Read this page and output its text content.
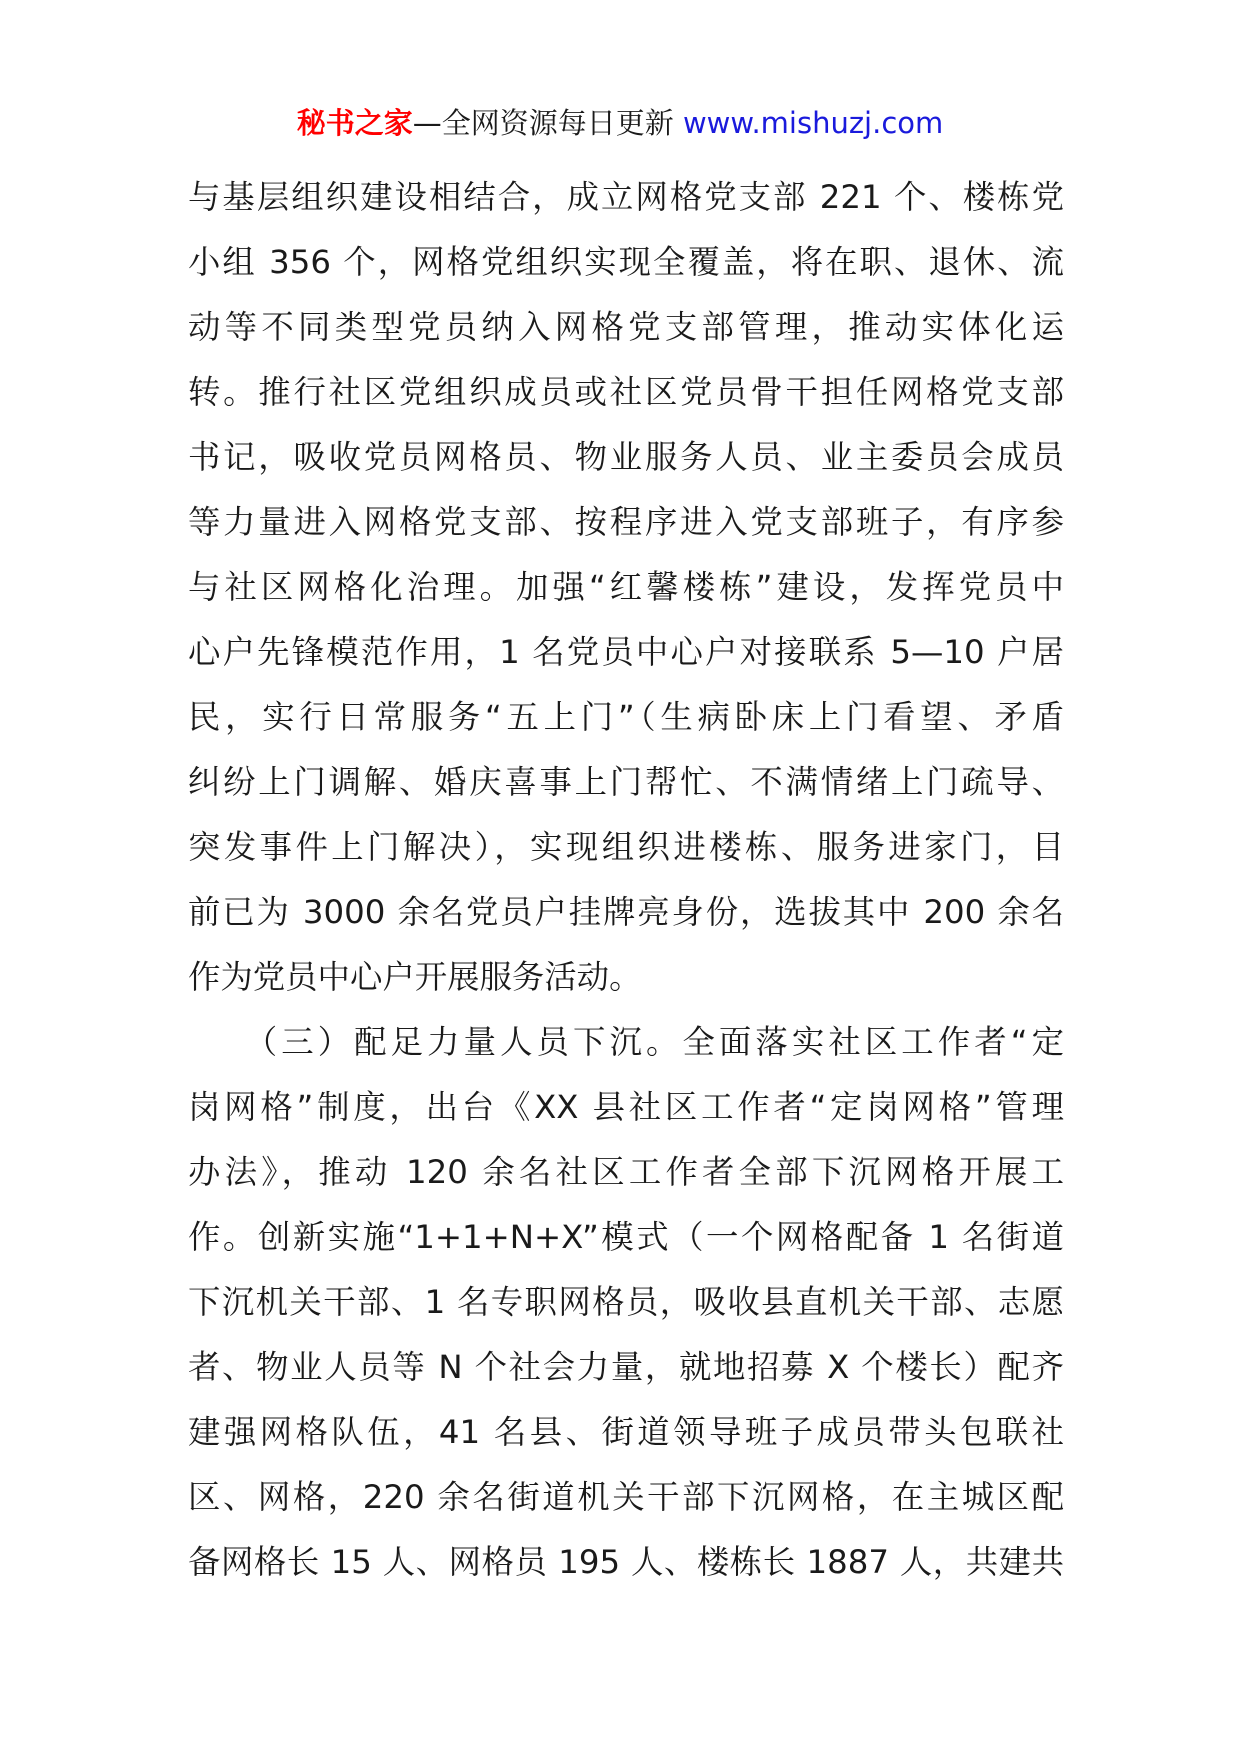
秘书之家—全网资源每日更新 www.mishuzj.com
与基层组织建设相结合，成立网格党支部 221 个、楼栋党
小组 356 个，网格党组织实现全覆盖，将在职、退休、流
动等不同类型党员纳入网格党支部管理，推动实体化运
转。推行社区党组织成员或社区党员骨干担任网格党支部
书记，吸收党员网格员、物业服务人员、业主委员会成员
等力量进入网格党支部、按程序进入党支部班子，有序参
与社区网格化治理。加强“红馨楼栋”建设，发挥党员中
心户先锋模范作用，1 名党员中心户对接联系 5—10 户居
民，实行日常服务“五上门”（生病卧床上门看望、矛盾
纠纷上门调解、婚庆喜事上门帮忙、不满情绪上门疏导、
突发事件上门解决），实现组织进楼栋、服务进家门，目
前已为 3000 余名党员户挂牌亮身份，选拔其中 200 余名
作为党员中心户开展服务活动。
　　（三）配足力量人员下沉。全面落实社区工作者“定
岗网格”制度，出台《XX 县社区工作者“定岗网格”管理
办法》，推动 120 余名社区工作者全部下沉网格开展工
作。创新实施“1+1+N+X”模式（一个网格配备 1 名街道
下沉机关干部、1 名专职网格员，吸收县直机关干部、志愿
者、物业人员等 N 个社会力量，就地招募 X 个楼长）配齐
建强网格队伍，41 名县、街道领导班子成员带头包联社
区、网格，220 余名街道机关干部下沉网格，在主城区配
备网格长 15 人、网格员 195 人、楼栋长 1887 人，共建共
